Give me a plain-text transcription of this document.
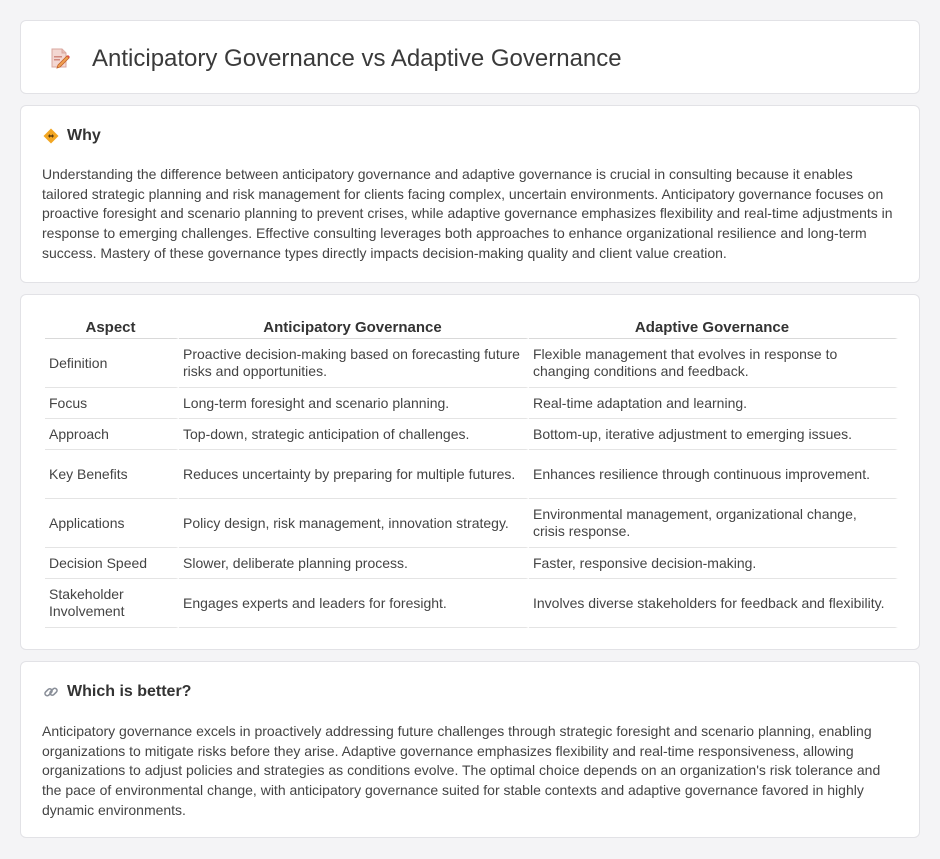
Anticipatory Governance vs Adaptive Governance
Why

Understanding the difference between anticipatory governance and adaptive governance is crucial in consulting because it enables tailored strategic planning and risk management for clients facing complex, uncertain environments. Anticipatory governance focuses on proactive foresight and scenario planning to prevent crises, while adaptive governance emphasizes flexibility and real-time adjustments in response to emerging challenges. Effective consulting leverages both approaches to enhance organizational resilience and long-term success. Mastery of these governance types directly impacts decision-making quality and client value creation.

Aspect	Anticipatory Governance	Adaptive Governance
Definition	Proactive decision-making based on forecasting future risks and opportunities.	Flexible management that evolves in response to changing conditions and feedback.
Focus	Long-term foresight and scenario planning.	Real-time adaptation and learning.
Approach	Top-down, strategic anticipation of challenges.	Bottom-up, iterative adjustment to emerging issues.
Key Benefits	Reduces uncertainty by preparing for multiple futures.	Enhances resilience through continuous improvement.
Applications	Policy design, risk management, innovation strategy.	Environmental management, organizational change, crisis response.
Decision Speed	Slower, deliberate planning process.	Faster, responsive decision-making.
Stakeholder Involvement	Engages experts and leaders for foresight.	Involves diverse stakeholders for feedback and flexibility.
Which is better?

Anticipatory governance excels in proactively addressing future challenges through strategic foresight and scenario planning, enabling organizations to mitigate risks before they arise. Adaptive governance emphasizes flexibility and real-time responsiveness, allowing organizations to adjust policies and strategies as conditions evolve. The optimal choice depends on an organization's risk tolerance and the pace of environmental change, with anticipatory governance suited for stable contexts and adaptive governance favored in highly dynamic environments.
